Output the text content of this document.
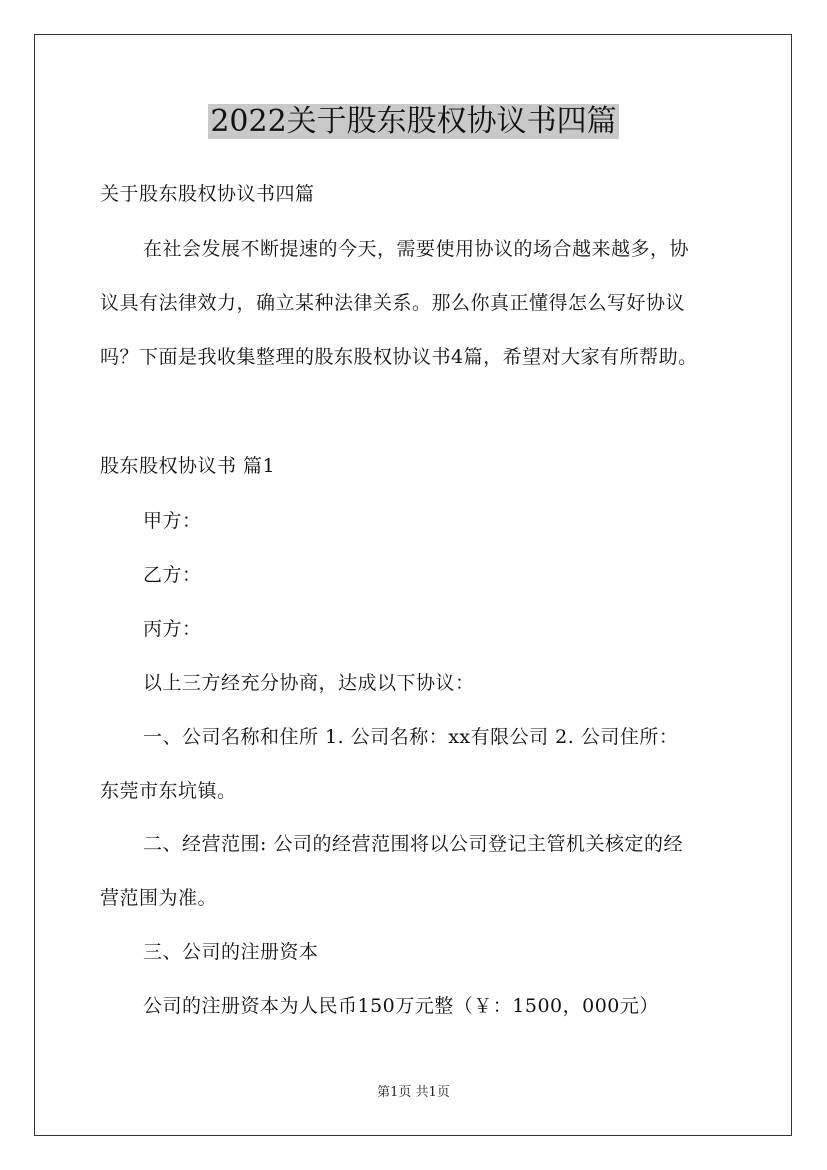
2022关于股东股权协议书四篇
关于股东股权协议书四篇
在社会发展不断提速的今天，需要使用协议的场合越来越多，协
议具有法律效力，确立某种法律关系。那么你真正懂得怎么写好协议
吗？下面是我收集整理的股东股权协议书4篇，希望对大家有所帮助。
股东股权协议书 篇1
甲方：
乙方：
丙方：
以上三方经充分协商，达成以下协议：
一、公司名称和住所 1. 公司名称：xx有限公司 2. 公司住所：
东莞市东坑镇。
二、经营范围: 公司的经营范围将以公司登记主管机关核定的经
营范围为准。
三、公司的注册资本
公司的注册资本为人民币150万元整（￥：1500，000元）
第1页 共1页
